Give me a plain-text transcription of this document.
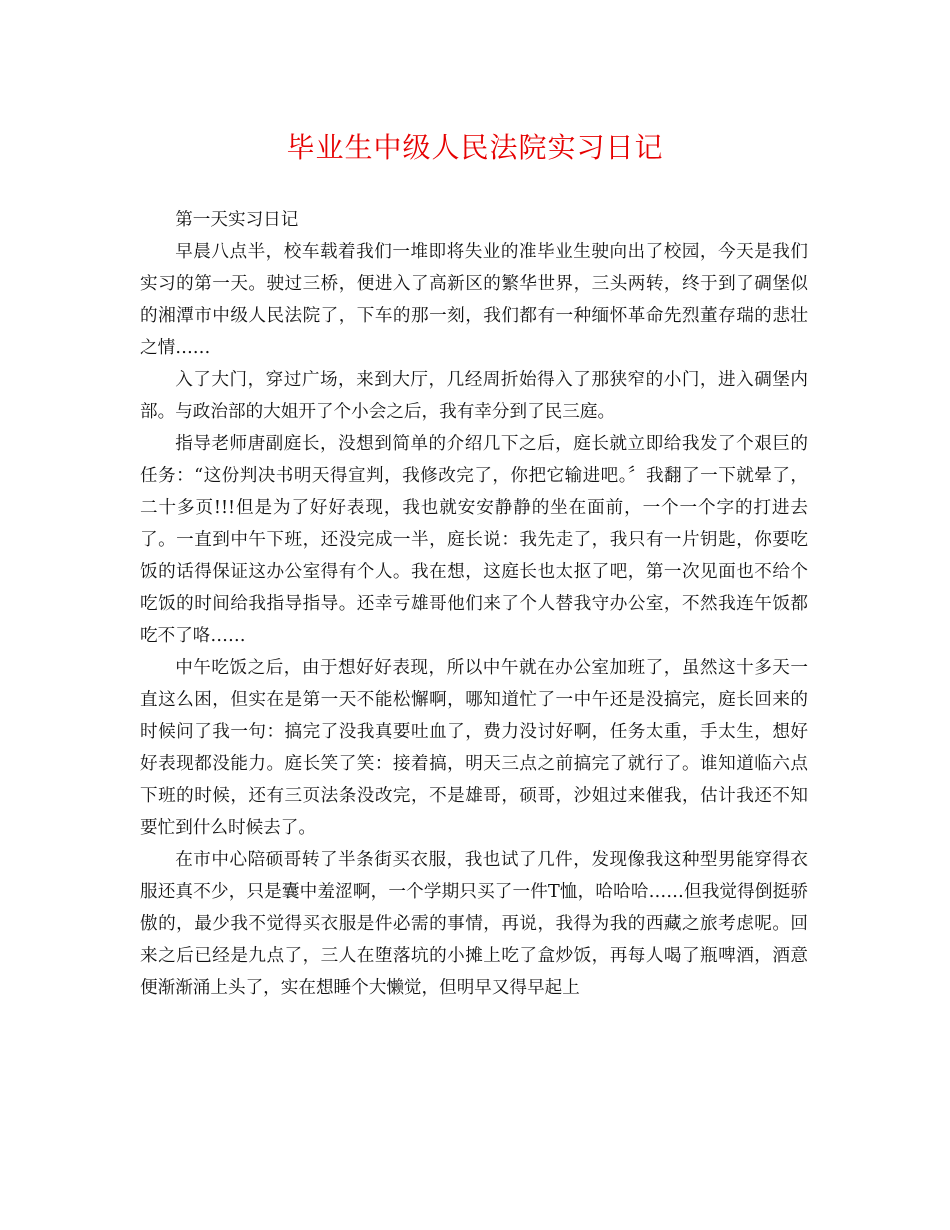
毕业生中级人民法院实习日记

第一天实习日记

早晨八点半，校车载着我们一堆即将失业的准毕业生驶向出了校园，今天是我们实习的第一天。驶过三桥，便进入了高新区的繁华世界，三头两转，终于到了碉堡似的湘潭市中级人民法院了，下车的那一刻，我们都有一种缅怀革命先烈董存瑞的悲壮之情……

入了大门，穿过广场，来到大厅，几经周折始得入了那狭窄的小门，进入碉堡内部。与政治部的大姐开了个小会之后，我有幸分到了民三庭。

指导老师唐副庭长，没想到简单的介绍几下之后，庭长就立即给我发了个艰巨的任务：“这份判决书明天得宣判，我修改完了，你把它输进吧。〞我翻了一下就晕了，二十多页!!!但是为了好好表现，我也就安安静静的坐在面前，一个一个字的打进去了。一直到中午下班，还没完成一半，庭长说：我先走了，我只有一片钥匙，你要吃饭的话得保证这办公室得有个人。我在想，这庭长也太抠了吧，第一次见面也不给个吃饭的时间给我指导指导。还幸亏雄哥他们来了个人替我守办公室，不然我连午饭都吃不了咯……

中午吃饭之后，由于想好好表现，所以中午就在办公室加班了，虽然这十多天一直这么困，但实在是第一天不能松懈啊，哪知道忙了一中午还是没搞完，庭长回来的时候问了我一句：搞完了没我真要吐血了，费力没讨好啊，任务太重，手太生，想好好表现都没能力。庭长笑了笑：接着搞，明天三点之前搞完了就行了。谁知道临六点下班的时候，还有三页法条没改完，不是雄哥，硕哥，沙姐过来催我，估计我还不知要忙到什么时候去了。

在市中心陪硕哥转了半条街买衣服，我也试了几件，发现像我这种型男能穿得衣服还真不少，只是囊中羞涩啊，一个学期只买了一件T恤，哈哈哈……但我觉得倒挺骄傲的，最少我不觉得买衣服是件必需的事情，再说，我得为我的西藏之旅考虑呢。回来之后已经是九点了，三人在堕落坑的小摊上吃了盒炒饭，再每人喝了瓶啤酒，酒意便渐渐涌上头了，实在想睡个大懒觉，但明早又得早起上
